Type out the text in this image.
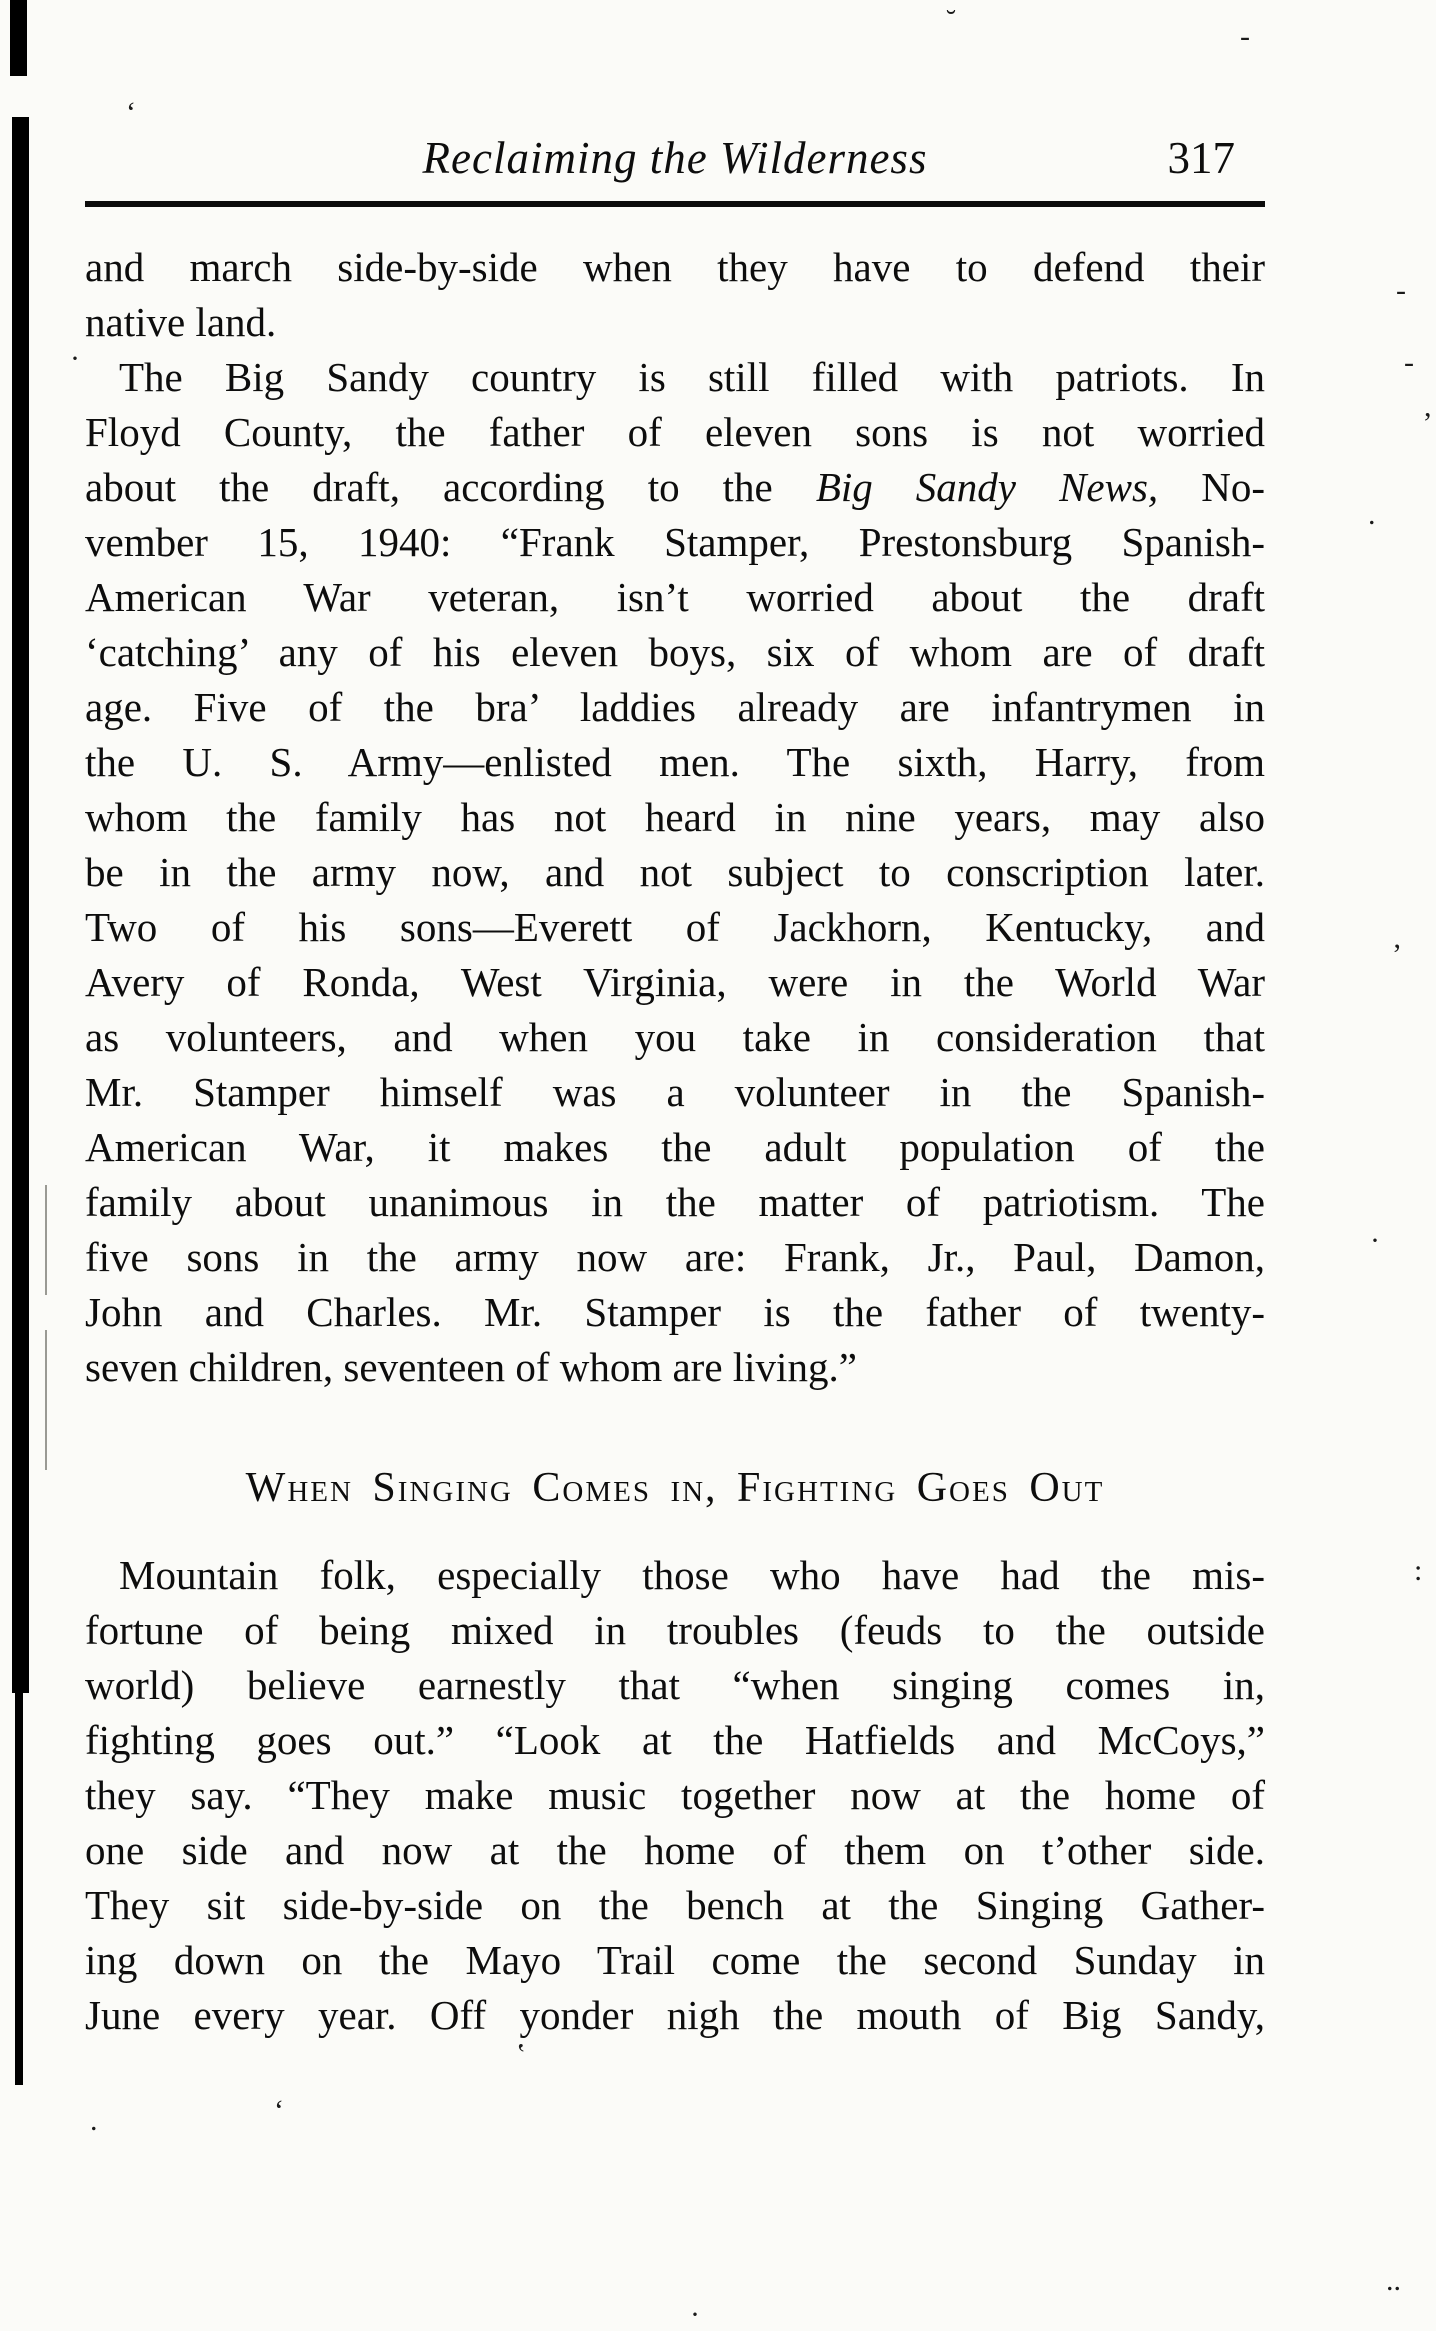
Reclaiming the Wilderness	317
and march side-by-side when they have to defend their
native land.
The Big Sandy country is still filled with patriots. In
Floyd County, the father of eleven sons is not worried
about the draft, according to the Big Sandy News, No-
vember 15, 1940: “Frank Stamper, Prestonsburg Spanish-
American War veteran, isn’t worried about the draft
‘catching’ any of his eleven boys, six of whom are of draft
age. Five of the bra’ laddies already are infantrymen in
the U. S. Army—enlisted men. The sixth, Harry, from
whom the family has not heard in nine years, may also
be in the army now, and not subject to conscription later.
Two of his sons—Everett of Jackhorn, Kentucky, and
Avery of Ronda, West Virginia, were in the World War
as volunteers, and when you take in consideration that
Mr. Stamper himself was a volunteer in the Spanish-
American War, it makes the adult population of the
family about unanimous in the matter of patriotism. The
five sons in the army now are: Frank, Jr., Paul, Damon,
John and Charles. Mr. Stamper is the father of twenty-
seven children, seventeen of whom are living.”
When Singing Comes in, Fighting Goes Out
Mountain folk, especially those who have had the mis-
fortune of being mixed in troubles (feuds to the outside
world) believe earnestly that “when singing comes in,
fighting goes out.” “Look at the Hatfields and McCoys,”
they say. “They make music together now at the home of
one side and now at the home of them on t’other side.
They sit side-by-side on the bench at the Singing Gather-
ing down on the Mayo Trail come the second Sunday in
June every year. Off yonder nigh the mouth of Big Sandy,
˘	-
‘
-
-
,
.
·
’
·
:
ʽ
‘
.
..
·
